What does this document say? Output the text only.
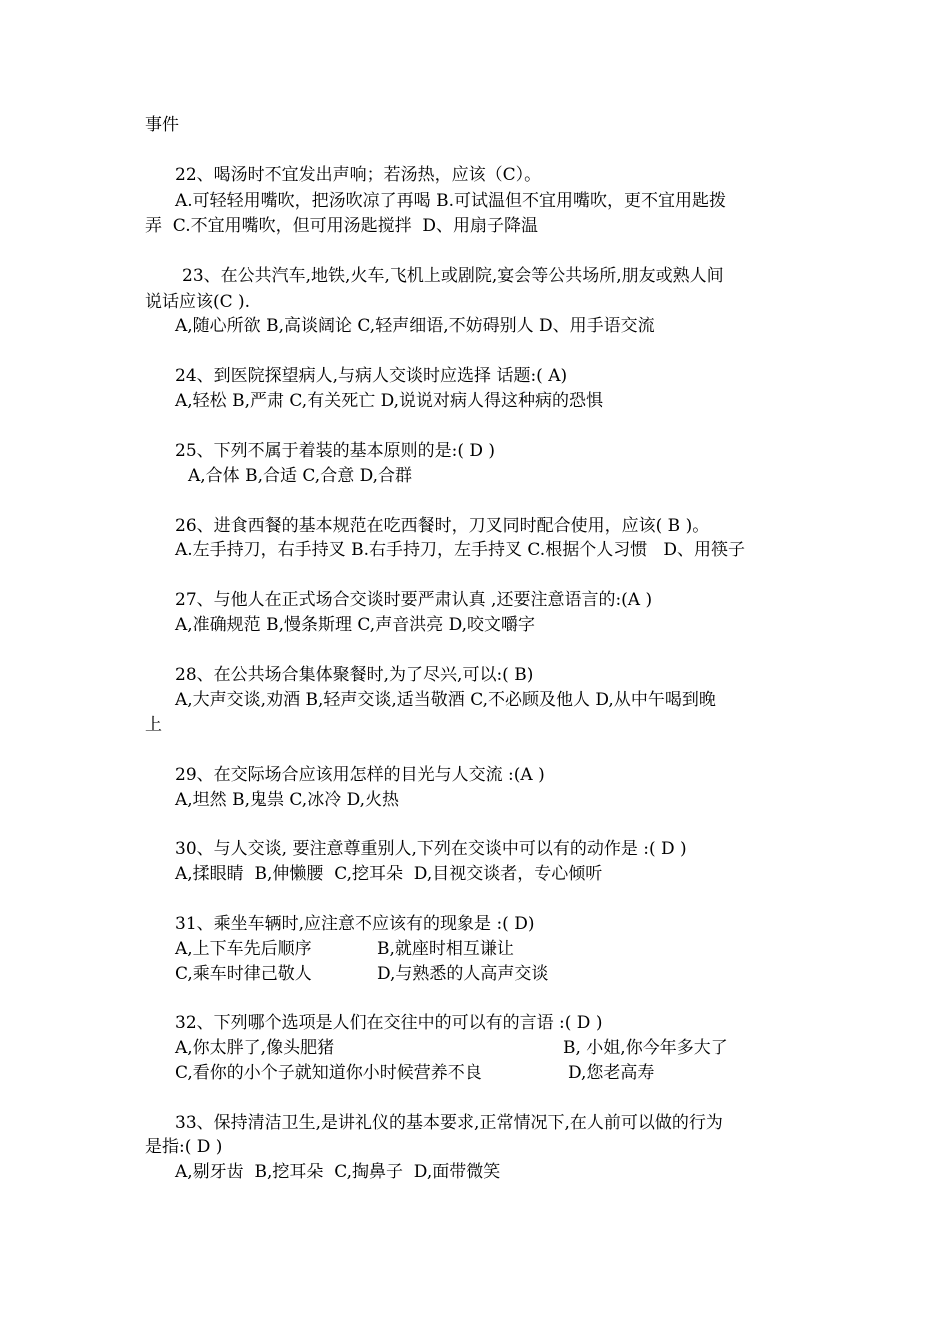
事件
22、喝汤时不宜发出声响；若汤热，应该（C）。
A.可轻轻用嘴吹，把汤吹凉了再喝 B.可试温但不宜用嘴吹，更不宜用匙拨
弄  C.不宜用嘴吹，但可用汤匙搅拌  D、用扇子降温
23、在公共汽车,地铁,火车,飞机上或剧院,宴会等公共场所,朋友或熟人间
说话应该(C ).
A,随心所欲 B,高谈阔论 C,轻声细语,不妨碍别人 D、用手语交流
24、到医院探望病人,与病人交谈时应选择 话题:( A)
A,轻松 B,严肃 C,有关死亡 D,说说对病人得这种病的恐惧
25、下列不属于着装的基本原则的是:( D )
A,合体 B,合适 C,合意 D,合群
26、进食西餐的基本规范在吃西餐时，刀叉同时配合使用，应该( B )。
A.左手持刀，右手持叉 B.右手持刀，左手持叉 C.根据个人习惯   D、用筷子
27、与他人在正式场合交谈时要严肃认真 ,还要注意语言的:(A )
A,准确规范 B,慢条斯理 C,声音洪亮 D,咬文嚼字
28、在公共场合集体聚餐时,为了尽兴,可以:( B)
A,大声交谈,劝酒 B,轻声交谈,适当敬酒 C,不必顾及他人 D,从中午喝到晚
上
29、在交际场合应该用怎样的目光与人交流 :(A )
A,坦然 B,鬼祟 C,冰冷 D,火热
30、与人交谈, 要注意尊重别人,下列在交谈中可以有的动作是 :( D )
A,揉眼睛  B,伸懒腰  C,挖耳朵  D,目视交谈者，专心倾听
31、乘坐车辆时,应注意不应该有的现象是 :( D)
A,上下车先后顺序	B,就座时相互谦让
C,乘车时律己敬人	D,与熟悉的人高声交谈
32、下列哪个选项是人们在交往中的可以有的言语 :( D )
A,你太胖了,像头肥猪	B, 小姐,你今年多大了
C,看你的小个子就知道你小时候营养不良	D,您老高寿
33、保持清洁卫生,是讲礼仪的基本要求,正常情况下,在人前可以做的行为
是指:( D )
A,剔牙齿  B,挖耳朵  C,掏鼻子  D,面带微笑
